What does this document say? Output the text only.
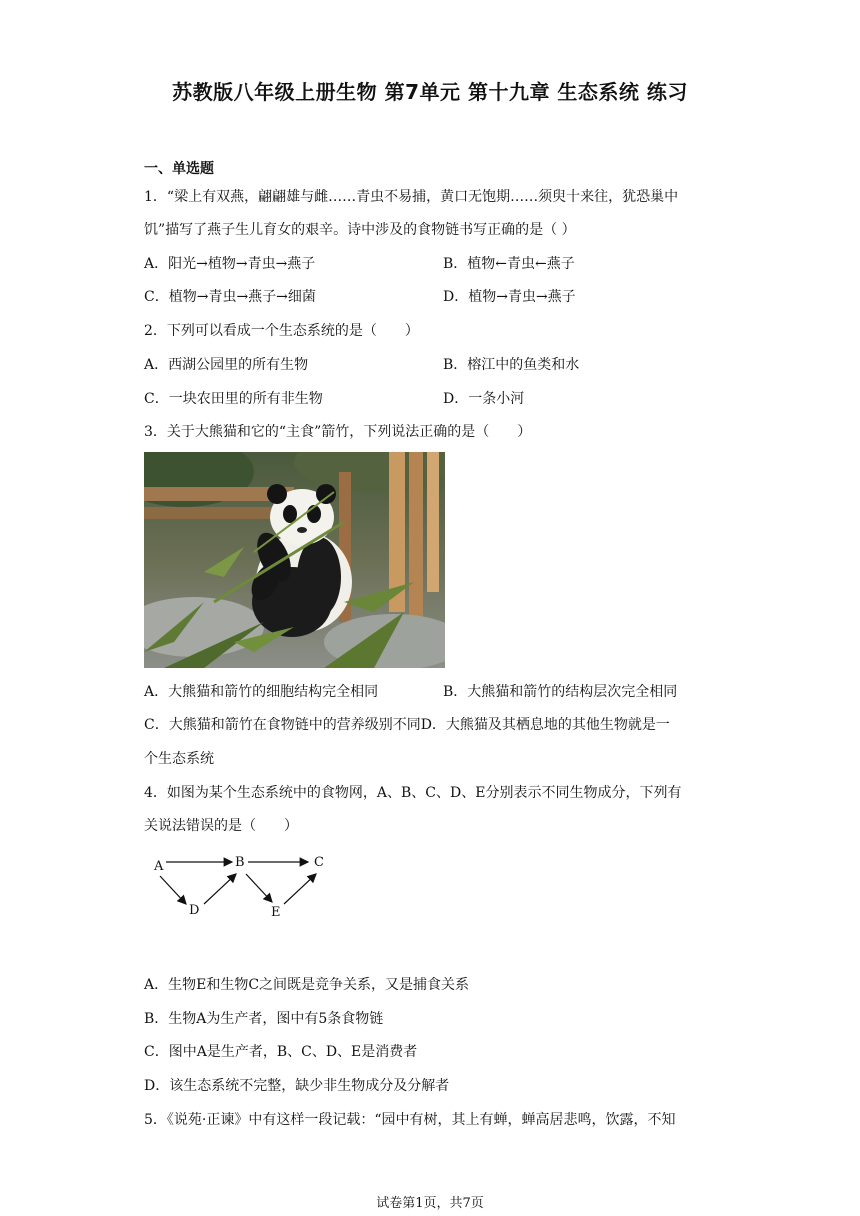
苏教版八年级上册生物 第7单元 第十九章 生态系统 练习
一、单选题
1．“梁上有双燕，翩翩雄与雌……青虫不易捕，黄口无饱期……须臾十来往，犹恐巢中
饥”描写了燕子生儿育女的艰辛。诗中涉及的食物链书写正确的是（ ）
A．阳光→植物→青虫→燕子	B．植物←青虫←燕子
C．植物→青虫→燕子→细菌	D．植物→青虫→燕子
2．下列可以看成一个生态系统的是（　　）
A．西湖公园里的所有生物	B．榕江中的鱼类和水
C．一块农田里的所有非生物	D．一条小河
3．关于大熊猫和它的“主食”箭竹，下列说法正确的是（　　）
A．大熊猫和箭竹的细胞结构完全相同	B．大熊猫和箭竹的结构层次完全相同
C．大熊猫和箭竹在食物链中的营养级别不同D．大熊猫及其栖息地的其他生物就是一
个生态系统
4．如图为某个生态系统中的食物网，A、B、C、D、E分别表示不同生物成分，下列有
关说法错误的是（　　）
A	B	C
D	E
A．生物E和生物C之间既是竞争关系，又是捕食关系
B．生物A为生产者，图中有5条食物链
C．图中A是生产者，B、C、D、E是消费者
D．该生态系统不完整，缺少非生物成分及分解者
5．《说苑·正谏》中有这样一段记载：“园中有树，其上有蝉，蝉高居悲鸣，饮露，不知
试卷第1页，共7页
